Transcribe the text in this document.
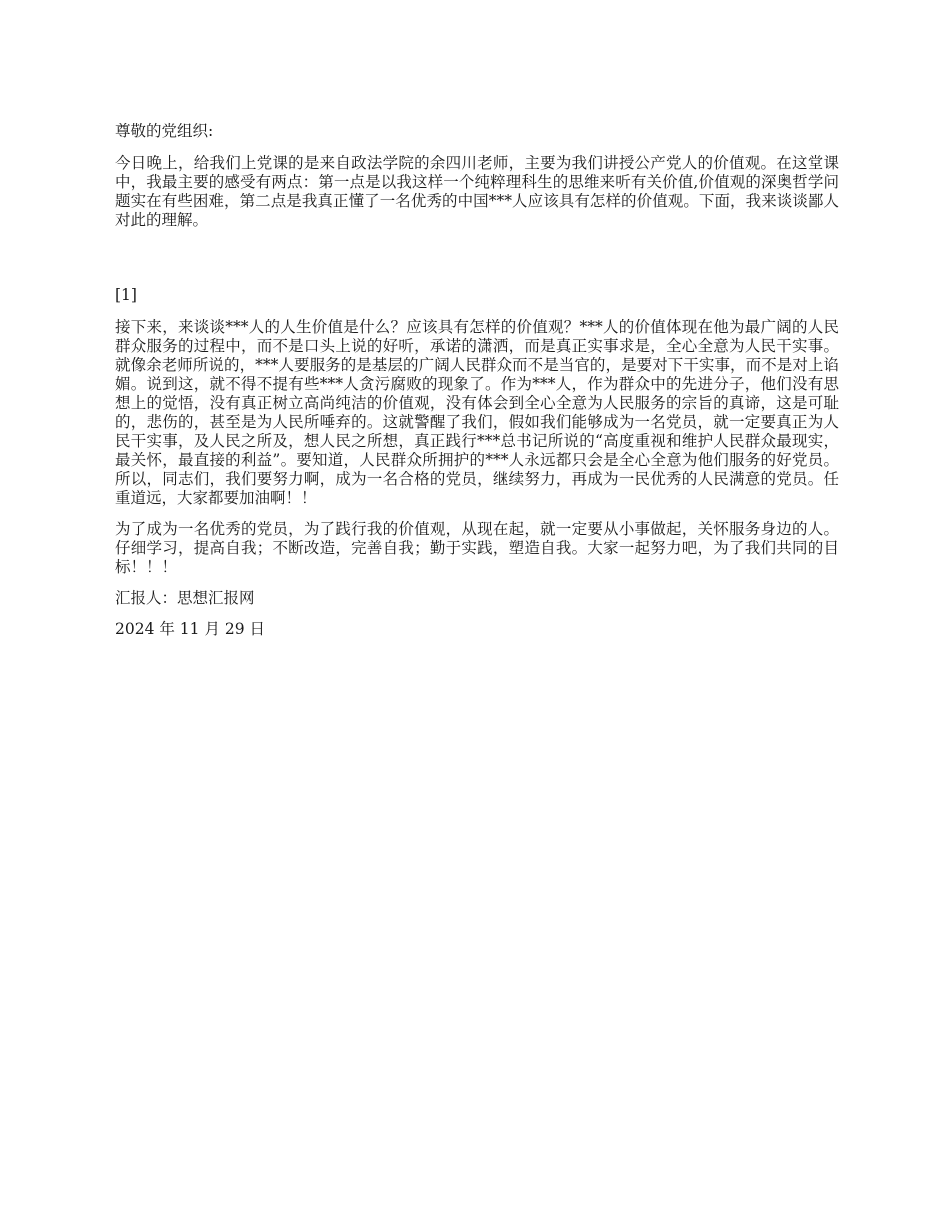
尊敬的党组织:

今日晚上，给我们上党课的是来自政法学院的余四川老师，主要为我们讲授公产党人的价值观。在这堂课中，我最主要的感受有两点：第一点是以我这样一个纯粹理科生的思维来听有关价值,价值观的深奥哲学问题实在有些困难，第二点是我真正懂了一名优秀的中国***人应该具有怎样的价值观。下面，我来谈谈鄙人对此的理解。

[1]

接下来，来谈谈***人的人生价值是什么？应该具有怎样的价值观？***人的价值体现在他为最广阔的人民群众服务的过程中，而不是口头上说的好听，承诺的潇洒，而是真正实事求是，全心全意为人民干实事。就像余老师所说的，***人要服务的是基层的广阔人民群众而不是当官的，是要对下干实事，而不是对上谄媚。说到这，就不得不提有些***人贪污腐败的现象了。作为***人，作为群众中的先进分子，他们没有思想上的觉悟，没有真正树立高尚纯洁的价值观，没有体会到全心全意为人民服务的宗旨的真谛，这是可耻的，悲伤的，甚至是为人民所唾弃的。这就警醒了我们，假如我们能够成为一名党员，就一定要真正为人民干实事，及人民之所及，想人民之所想，真正践行***总书记所说的“高度重视和维护人民群众最现实，最关怀，最直接的利益”。要知道，人民群众所拥护的***人永远都只会是全心全意为他们服务的好党员。所以，同志们，我们要努力啊，成为一名合格的党员，继续努力，再成为一民优秀的人民满意的党员。任重道远，大家都要加油啊！！

为了成为一名优秀的党员，为了践行我的价值观，从现在起，就一定要从小事做起，关怀服务身边的人。仔细学习，提高自我；不断改造，完善自我；勤于实践，塑造自我。大家一起努力吧，为了我们共同的目标！！！

汇报人：思想汇报网

2024 年 11 月 29 日
